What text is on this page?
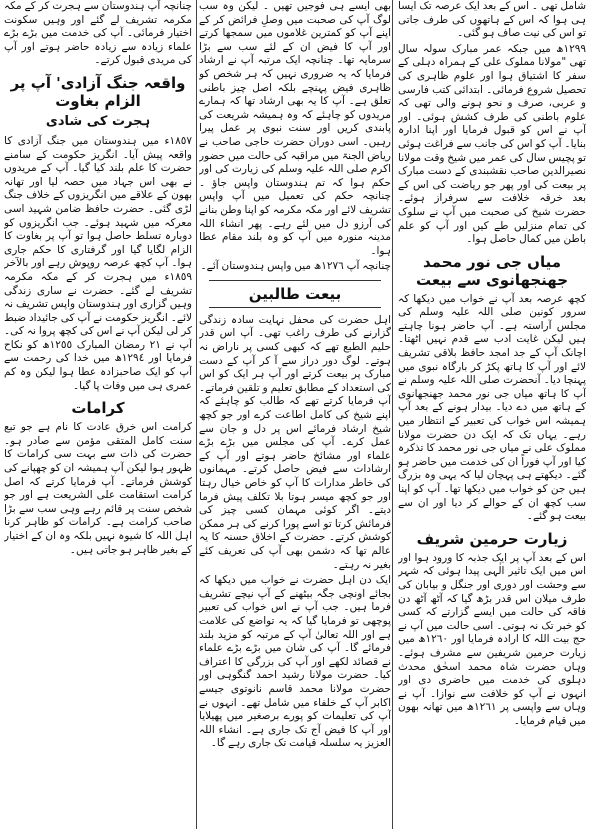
شامل تھی ۔ اس کے بعد ایک عرصہ تک ایسا ہی ہوا کہ اس کے ہاتھوں کی طرف جاتی تو اس کی نیت صاف ہو گئی۔

١٢٩٩ھ میں جبکہ عمر مبارک سولہ سال تھی "مولانا مملوک علی کے ہمراہ دہلی کے سفر کا اشتیاق ہوا اور علوم ظاہری کی تحصیل شروع فرمائی۔ ابتدائی کتب فارسی و عربی، صرف و نحو ہونے والی تھی کہ علوم باطنی کی طرف کشش ہوئی۔ اور آپ نے اس کو قبول فرمایا اور اپنا ادارہ بنایا۔ آپ کو اس کی جانب سے فراغت ہوئی تو پچیس سال کی عمر میں شیخ وقت مولانا نصیرالدین صاحب نقشبندی کے دست مبارک پر بیعت کی اور پھر جو ریاضت کی اس کے بعد خرقہ خلافت سے سرفراز ہوئے۔ حضرت شیخ کی صحبت میں آپ نے سلوک کی تمام منزلیں طے کیں اور آپ کو علم باطن میں کمال حاصل ہوا۔

میاں جی نور محمد جھنجھانوی سے بیعت

کچھ عرصہ بعد آپ نے خواب میں دیکھا کہ سرور کونین صلی اللہ علیہ وسلم کی مجلس آراستہ ہے۔ آپ حاضر ہونا چاہتے ہیں لیکن غایت ادب سے قدم نہیں اٹھتا۔ اچانک آپ کے جد امجد حافظ بلاقی تشریف لائے اور آپ کا ہاتھ پکڑ کر بارگاہ نبوی میں پہنچا دیا۔ آنحضرت صلی اللہ علیہ وسلم نے آپ کا ہاتھ میاں جی نور محمد جھنجھانوی کے ہاتھ میں دے دیا۔ بیدار ہونے کے بعد آپ ہمیشہ اس خواب کی تعبیر کے انتظار میں رہے۔ یہاں تک کہ ایک دن حضرت مولانا مملوک علی نے میاں جی نور محمد کا تذکرہ کیا اور آپ فوراً ان کی خدمت میں حاضر ہو گئے۔ دیکھتے ہی پہچان لیا کہ یہی وہ بزرگ ہیں جن کو خواب میں دیکھا تھا۔ آپ کو اپنا سب کچھ ان کے حوالے کر دیا اور ان سے بیعت ہو گئے۔

زیارت حرمین شریف

اس کے بعد آپ پر ایک جذبہ کا ورود ہوا اور اس میں ایک تاثیر الٰہی پیدا ہوئی کہ شہر سے وحشت اور دوری اور جنگل و بیابان کی طرف میلان اس قدر بڑھ گیا کہ آٹھ آٹھ دن فاقہ کی حالت میں ایسے گزارتے کہ کسی کو خبر تک نہ ہوتی۔ اسی حالت میں آپ نے حج بیت اللہ کا ارادہ فرمایا اور ١٢٦٠ھ میں زیارت حرمین شریفین سے مشرف ہوئے۔ وہاں حضرت شاہ محمد اسحٰق محدث دہلوی کی خدمت میں حاضری دی اور انہوں نے آپ کو خلافت سے نوازا۔ آپ نے وہاں سے واپسی پر ١٢٦١ھ میں تھانہ بھون میں قیام فرمایا۔

بھی ایسے ہی فوجیں تھیں ۔ لیکن وہ سب لوگ آپ کی صحبت میں وصلِ فرائض کر کے اپنے آپ کو کمترین غلاموں میں سمجھا کرتے اور آپ کا فیض ان کے لئے سب سے بڑا سرمایہ تھا۔ چنانچہ ایک مرتبہ آپ نے ارشاد فرمایا کہ یہ ضروری نہیں کہ ہر شخص کو ظاہری فیض پہنچے بلکہ اصل چیز باطنی تعلق ہے۔ آپ کا یہ بھی ارشاد تھا کہ ہمارے مریدوں کو چاہئے کہ وہ ہمیشہ شریعت کی پابندی کریں اور سنت نبوی پر عمل پیرا رہیں۔ اسی دوران حضرت حاجی صاحب نے ریاض الجنۃ میں مراقبہ کی حالت میں حضور اکرم صلی اللہ علیہ وسلم کی زیارت کی اور حکم ہوا کہ تم ہندوستان واپس جاؤ ۔ چنانچہ حکم کی تعمیل میں آپ واپس تشریف لائے اور مکہ مکرمہ کو اپنا وطن بنانے کی آرزو دل میں لئے رہے۔ پھر انشاء اللہ مدینہ منورہ میں آپ کو وہ بلند مقام عطا ہوا۔

چنانچہ آپ ١٢٧٦ھ میں واپس ہندوستان آئے۔

بیعت طالبین

اہل حضرت کی محفل نہایت سادہ زندگی گزارنے کی طرف راغب تھی۔ آپ اس قدر حلیم الطبع تھے کہ کبھی کسی پر ناراض نہ ہوتے۔ لوگ دور دراز سے آ کر آپ کے دست مبارک پر بیعت کرتے اور آپ ہر ایک کو اس کی استعداد کے مطابق تعلیم و تلقین فرماتے۔ آپ فرمایا کرتے تھے کہ طالب کو چاہئے کہ اپنے شیخ کی کامل اطاعت کرے اور جو کچھ شیخ ارشاد فرمائے اس پر دل و جان سے عمل کرے۔ آپ کی مجلس میں بڑے بڑے علماء اور مشائخ حاضر ہوتے اور آپ کے ارشادات سے فیض حاصل کرتے۔ مہمانوں کی خاطر مدارات کا آپ کو خاص خیال رہتا اور جو کچھ میسر ہوتا بلا تکلف پیش فرما دیتے۔ اگر کوئی مہمان کسی چیز کی فرمائش کرتا تو اسے پورا کرنے کی ہر ممکن کوشش کرتے۔ حضرت کے اخلاق حسنہ کا یہ عالم تھا کہ دشمن بھی آپ کی تعریف کئے بغیر نہ رہتے۔

ایک دن اہل حضرت نے خواب میں دیکھا کہ بجائے اونچی جگہ بیٹھنے کے آپ نیچے تشریف فرما ہیں۔ جب آپ نے اس خواب کی تعبیر پوچھی تو فرمایا گیا کہ یہ تواضع کی علامت ہے اور اللہ تعالیٰ آپ کے مرتبہ کو مزید بلند فرمائے گا۔ آپ کی شان میں بڑے بڑے علماء نے قصائد لکھے اور آپ کی بزرگی کا اعتراف کیا۔ حضرت مولانا رشید احمد گنگوہی اور حضرت مولانا محمد قاسم نانوتوی جیسے اکابر آپ کے خلفاء میں شامل تھے۔ انہوں نے آپ کی تعلیمات کو پورے برصغیر میں پھیلایا اور آپ کا فیض آج تک جاری ہے۔ انشاء اللہ العزیز یہ سلسلہ قیامت تک جاری رہے گا۔

چنانچہ آپ ہندوستان سے ہجرت کر کے مکہ مکرمہ تشریف لے گئے اور وہیں سکونت اختیار فرمائی۔ آپ کی خدمت میں بڑے بڑے علماء زیادہ سے زیادہ حاضر ہوتے اور آپ کی مریدی قبول کرتے۔

واقعہ جنگ آزادی' آپ پر الزام بغاوت
ہجرت کی شادی

١٨٥٧ء میں ہندوستان میں جنگ آزادی کا واقعہ پیش آیا۔ انگریز حکومت کے سامنے حضرت کا علم بلند کیا گیا۔ آپ کے مریدوں نے بھی اس جہاد میں حصہ لیا اور تھانہ بھون کے علاقے میں انگریزوں کے خلاف جنگ لڑی گئی۔ حضرت حافظ ضامن شہید اسی معرکہ میں شہید ہوئے۔ جب انگریزوں کو دوبارہ تسلط حاصل ہوا تو آپ پر بغاوت کا الزام لگایا گیا اور گرفتاری کا حکم جاری ہوا۔ آپ کچھ عرصہ روپوش رہے اور بالآخر ١٨٥٩ء میں ہجرت کر کے مکہ مکرمہ تشریف لے گئے۔ حضرت نے ساری زندگی وہیں گزاری اور ہندوستان واپس تشریف نہ لائے۔ انگریز حکومت نے آپ کی جائیداد ضبط کر لی لیکن آپ نے اس کی کچھ پروا نہ کی۔ آپ نے ٢١ رمضان المبارک ١٢٥٥ھ کو نکاح فرمایا اور ١٢٩٤ھ میں خدا کی رحمت سے آپ کو ایک صاحبزادہ عطا ہوا لیکن وہ کم عمری ہی میں وفات پا گیا۔

کرامات

کرامت اس خرق عادت کا نام ہے جو تبع سنت کامل المتقی مؤمن سے صادر ہو۔ حضرت کی ذات سے بہت سی کرامات کا ظہور ہوا لیکن آپ ہمیشہ ان کو چھپانے کی کوشش فرماتے۔ آپ فرمایا کرتے کہ اصل کرامت استقامت علی الشریعت ہے اور جو شخص سنت پر قائم رہے وہی سب سے بڑا صاحب کرامت ہے۔ کرامات کو ظاہر کرنا اہل اللہ کا شیوہ نہیں بلکہ وہ ان کے اختیار کے بغیر ظاہر ہو جاتی ہیں۔
